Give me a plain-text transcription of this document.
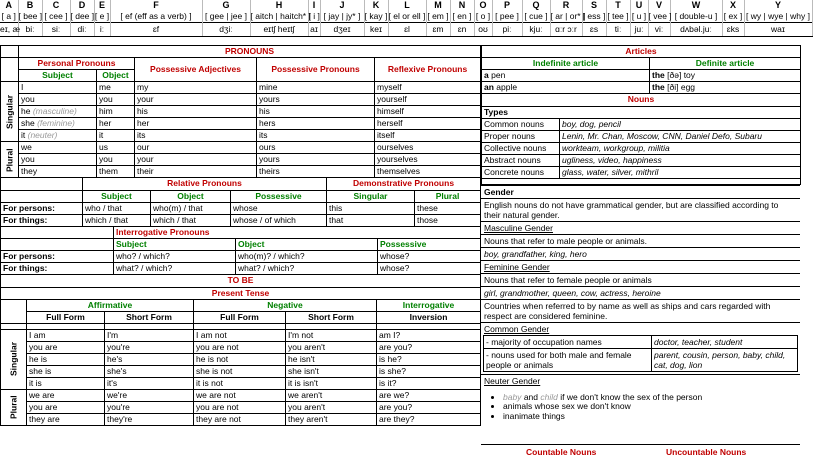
A	B	C	D	E	F	G	H	I	J	K	L	M	N	O	P	Q	R	S	T	U	V	W	X	Y
[ a ]	[ bee ]	[ cee ]	[ dee ]	[ e ]	[ ef (eff as a verb) ]	[ gee | jee ]	[ aitch | haitch* ]	[ i ]	[ jay | jy* ]	[ kay ]	[ el or ell ]	[ em ]	[ en ]	[ o ]	[ pee ]	[ cue ]	[ ar | or* ]	[ ess ]	[ tee ]	[ u ]	[ vee ]	[ double-u ]	[ ex ]	[ wy | wye | why ]
eɪ, æ	biː	siː	diː	iː	ɛf	dʒiː	eɪtʃ heɪtʃ	aɪ	dʒeɪ	keɪ	ɛl	ɛm	ɛn	oʊ	piː	kjuː	ɑːr ɔːr	ɛs	tiː	juː	viː	dʌbəl.juː	ɛks	waɪ
	PRONOUNS				
	Personal Pronouns		Possessive Adjectives	Possessive Pronouns	Reflexive Pronouns
	Subject	Object			
Singular	I	me	my	mine	myself
	you	you	your	yours	yourself
	he (masculine)	him	his	his	himself
	she (feminine)	her	her	hers	herself
	it (neuter)	it	its	its	itself
Plural	we	us	our	ours	ourselves
	you	you	your	yours	yourselves
	they	them	their	theirs	themselves
	Relative Pronouns			Demonstrative Pronouns	
	Subject	Object	Possessive	Singular	Plural
For persons:	who / that	who(m) / that	whose	this	these
For things:	which / that	which / that	whose / of which	that	those
	Interrogative Pronouns		
	Subject	Object	Possessive
For persons:	who? / which?	who(m)? / which?	whose?
For things:	what? / which?	what? / which?	whose?
TO BE					
Present Tense					
	Affirmative		Negative		Interrogative
	Full Form	Short Form	Full Form	Short Form	Inversion

Singular	I am	I'm	I am not	I'm not	am I?
	you are	you're	you are not	you aren't	are you?
	he is	he's	he is not	he isn't	is he?
	she is	she's	she is not	she isn't	is she?
	it is	it's	it is not	it is isn't	is it?
Plural	we are	we're	we are not	we aren't	are we?
	you are	you're	you are not	you aren't	are you?
	they are	they're	they are not	they aren't	are they?
Articles	
Indefinite article	Definite article
a pen	the [ðə] toy
an apple	the [ði] egg
Nouns	
Types	
Common nouns	boy, dog, pencil
Proper nouns	Lenin, Mr. Chan, Moscow, CNN, Daniel Defo, Subaru
Collective nouns	workteam, workgroup, militia
Abstract nouns	ugliness, video, happiness
Concrete nouns	glass, water, silver, mithril

Gender
English nouns do not have grammatical gender, but are classified according to their natural gender.
Masculine Gender
Nouns that refer to male people or animals.
boy, grandfather, king, hero
Feminine Gender
Nouns that refer to female people or animals
girl, grandmother, queen, cow, actress, heroine
Countries when referred to by name as well as ships and cars regarded with respect are considered feminine.
Common Gender
- majority of occupation names	doctor, teacher, student
- nouns used for both male and female people or animals	parent, cousin, person, baby, child, cat, dog, lion
Neuter Gender
• baby and child if we don't know the sex of the person
• animals whose sex we don't know
• inanimate things
Countable Nouns	Uncountable Nouns
